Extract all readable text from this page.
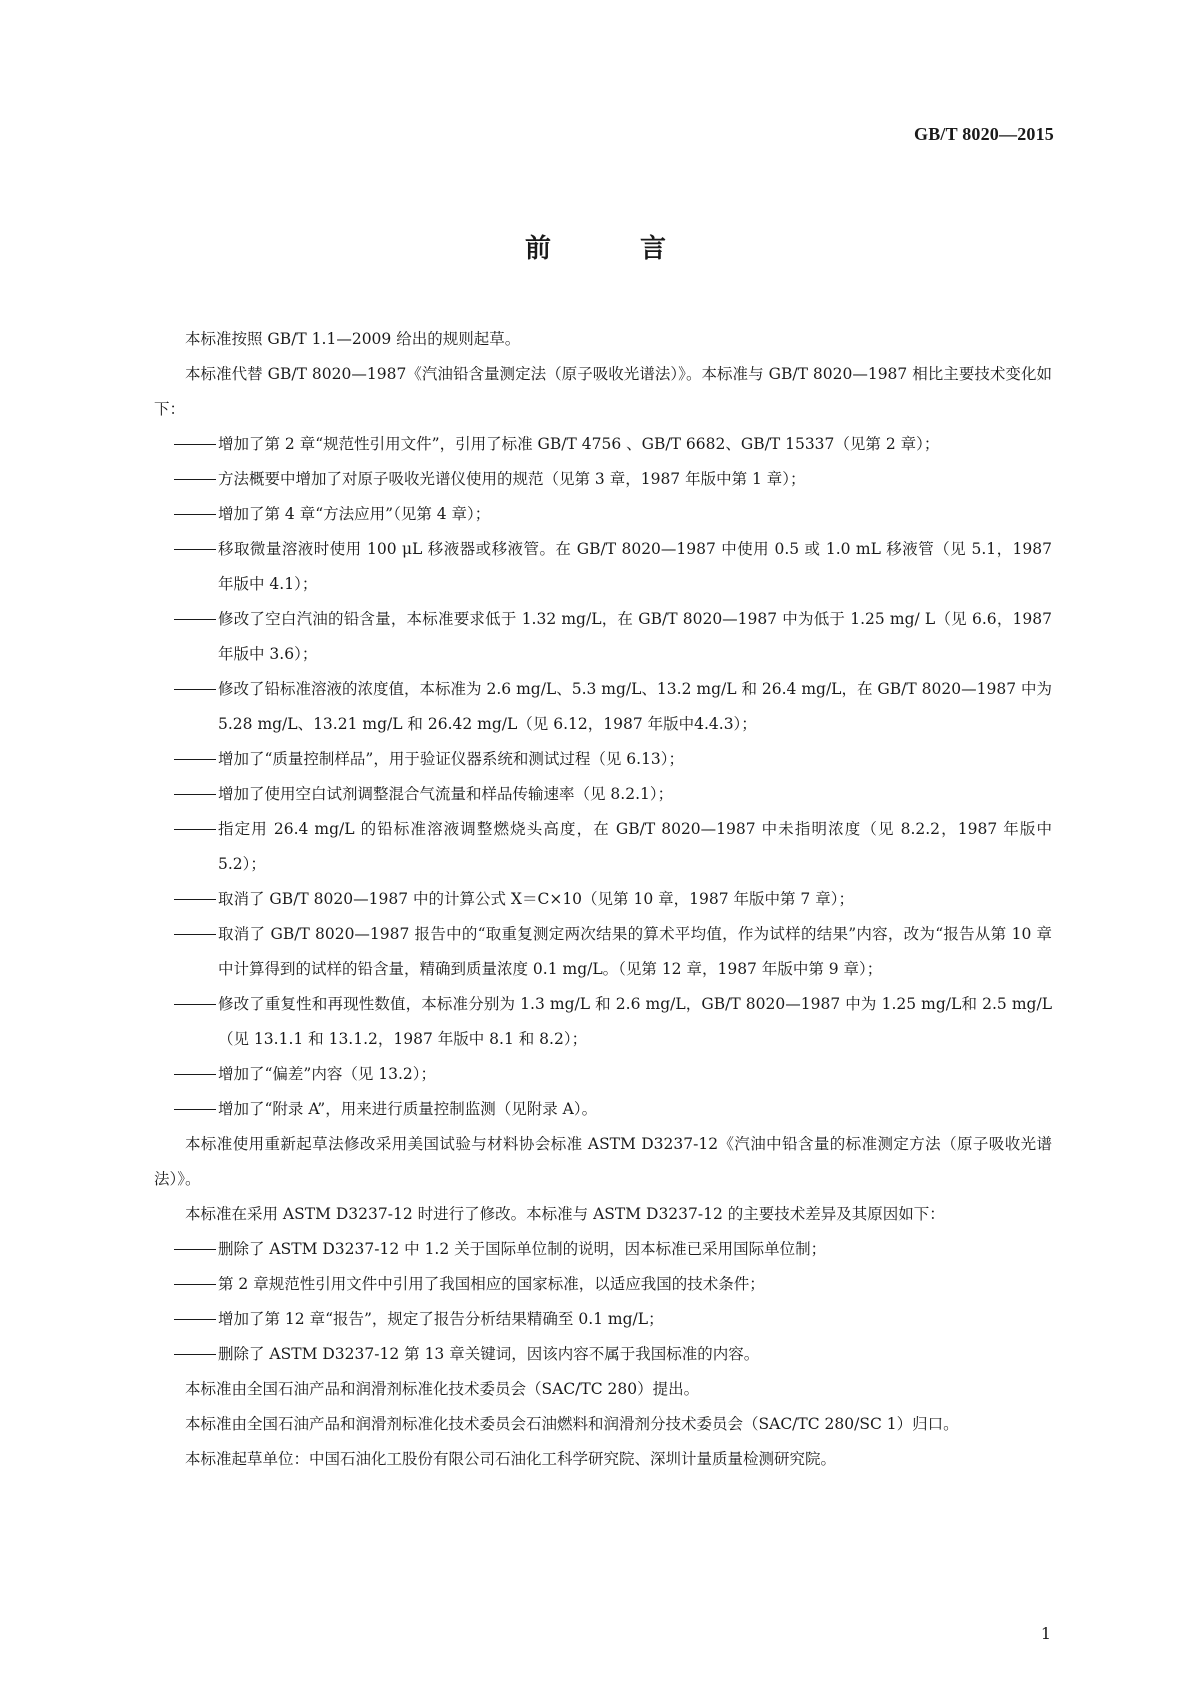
GB/T 8020—2015
前 言

本标准按照 GB/T 1.1—2009 给出的规则起草。

本标准代替 GB/T 8020—1987《汽油铅含量测定法（原子吸收光谱法）》。本标准与 GB/T 8020—1987 相比主要技术变化如下：

增加了第 2 章“规范性引用文件”，引用了标准 GB/T 4756 、GB/T 6682、GB/T 15337（见第 2 章）；

方法概要中增加了对原子吸收光谱仪使用的规范（见第 3 章，1987 年版中第 1 章）；

增加了第 4 章“方法应用”（见第 4 章）；

移取微量溶液时使用 100 μL 移液器或移液管。在 GB/T 8020—1987 中使用 0.5 或 1.0 mL 移液管（见 5.1，1987 年版中 4.1）；

修改了空白汽油的铅含量，本标准要求低于 1.32 mg/L，在 GB/T 8020—1987 中为低于 1.25 mg/ L（见 6.6，1987 年版中 3.6）；

修改了铅标准溶液的浓度值，本标准为 2.6 mg/L、5.3 mg/L、13.2 mg/L 和 26.4 mg/L，在 GB/T 8020—1987 中为 5.28 mg/L、13.21 mg/L 和 26.42 mg/L（见 6.12，1987 年版中4.4.3）；

增加了“质量控制样品”，用于验证仪器系统和测试过程（见 6.13）；

增加了使用空白试剂调整混合气流量和样品传输速率（见 8.2.1）；

指定用 26.4 mg/L 的铅标准溶液调整燃烧头高度，在 GB/T 8020—1987 中未指明浓度（见 8.2.2，1987 年版中 5.2）；

取消了 GB/T 8020—1987 中的计算公式 X＝C×10（见第 10 章，1987 年版中第 7 章）；

取消了 GB/T 8020—1987 报告中的“取重复测定两次结果的算术平均值，作为试样的结果”内容，改为“报告从第 10 章中计算得到的试样的铅含量，精确到质量浓度 0.1 mg/L。（见第 12 章，1987 年版中第 9 章）；

修改了重复性和再现性数值，本标准分别为 1.3 mg/L 和 2.6 mg/L，GB/T 8020—1987 中为 1.25 mg/L和 2.5 mg/L（见 13.1.1 和 13.1.2，1987 年版中 8.1 和 8.2）；

增加了“偏差”内容（见 13.2）；

增加了“附录 A”，用来进行质量控制监测（见附录 A）。

本标准使用重新起草法修改采用美国试验与材料协会标准 ASTM D3237-12《汽油中铅含量的标准测定方法（原子吸收光谱法）》。

本标准在采用 ASTM D3237-12 时进行了修改。本标准与 ASTM D3237-12 的主要技术差异及其原因如下：

删除了 ASTM D3237-12 中 1.2 关于国际单位制的说明，因本标准已采用国际单位制；

第 2 章规范性引用文件中引用了我国相应的国家标准，以适应我国的技术条件；

增加了第 12 章“报告”，规定了报告分析结果精确至 0.1 mg/L；

删除了 ASTM D3237-12 第 13 章关键词，因该内容不属于我国标准的内容。

本标准由全国石油产品和润滑剂标准化技术委员会（SAC/TC 280）提出。

本标准由全国石油产品和润滑剂标准化技术委员会石油燃料和润滑剂分技术委员会（SAC/TC 280/SC 1）归口。

本标准起草单位：中国石油化工股份有限公司石油化工科学研究院、深圳计量质量检测研究院。

1
